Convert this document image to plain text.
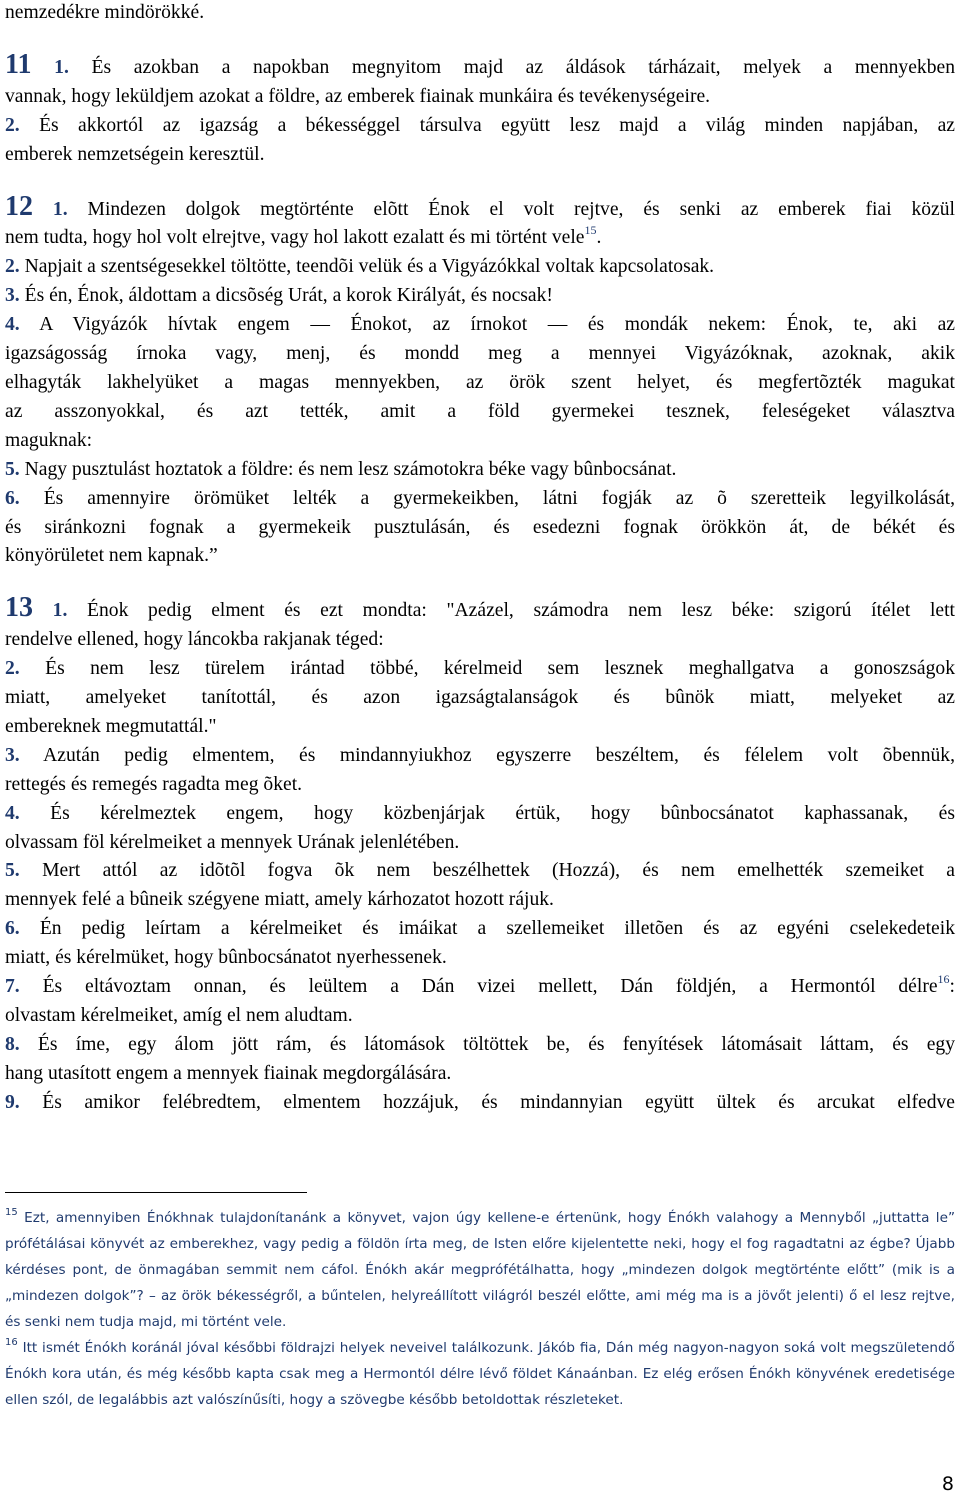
nemzedékre mindörökké.
11 1. És azokban a napokban megnyitom majd az áldások tárházait, melyek a mennyekben
vannak, hogy leküldjem azokat a földre, az emberek fiainak munkáira és tevékenységeire.
2. És akkortól az igazság a békességgel társulva együtt lesz majd a világ minden napjában, az
emberek nemzetségein keresztül.
12 1. Mindezen dolgok megtörténte elõtt Énok el volt rejtve, és senki az emberek fiai közül
nem tudta, hogy hol volt elrejtve, vagy hol lakott ezalatt és mi történt vele$^{15}$.
2. Napjait a szentségesekkel töltötte, teendõi velük és a Vigyázókkal voltak kapcsolatosak.
3. És én, Énok, áldottam a dicsõség Urát, a korok Királyát, és nocsak!
4. A Vigyázók hívtak engem — Énokot, az írnokot — és mondák nekem: Énok, te, aki az
igazságosság írnoka vagy, menj, és mondd meg a mennyei Vigyázóknak, azoknak, akik
elhagyták lakhelyüket a magas mennyekben, az örök szent helyet, és megfertõzték magukat
az asszonyokkal, és azt tették, amit a föld gyermekei tesznek, feleségeket választva
maguknak:
5. Nagy pusztulást hoztatok a földre: és nem lesz számotokra béke vagy bûnbocsánat.
6. És amennyire örömüket lelték a gyermekeikben, látni fogják az õ szeretteik legyilkolását,
és siránkozni fognak a gyermekeik pusztulásán, és esedezni fognak örökkön át, de békét és
könyörületet nem kapnak.”
13 1. Énok pedig elment és ezt mondta: "Azázel, számodra nem lesz béke: szigorú ítélet lett
rendelve ellened, hogy láncokba rakjanak téged:
2. És nem lesz türelem irántad többé, kérelmeid sem lesznek meghallgatva a gonoszságok
miatt, amelyeket tanítottál, és azon igazságtalanságok és bûnök miatt, melyeket az
embereknek megmutattál."
3. Azután pedig elmentem, és mindannyiukhoz egyszerre beszéltem, és félelem volt õbennük,
rettegés és remegés ragadta meg õket.
4. És kérelmeztek engem, hogy közbenjárjak értük, hogy bûnbocsánatot kaphassanak, és
olvassam föl kérelmeiket a mennyek Urának jelenlétében.
5. Mert attól az idõtõl fogva õk nem beszélhettek (Hozzá), és nem emelhették szemeiket a
mennyek felé a bûneik szégyene miatt, amely kárhozatot hozott rájuk.
6. Én pedig leírtam a kérelmeiket és imáikat a szellemeiket illetõen és az egyéni cselekedeteik
miatt, és kérelmüket, hogy bûnbocsánatot nyerhessenek.
7. És eltávoztam onnan, és leültem a Dán vizei mellett, Dán földjén, a Hermontól délre$^{16}$:
olvastam kérelmeiket, amíg el nem aludtam.
8. És íme, egy álom jött rám, és látomások töltöttek be, és fenyítések látomásait láttam, és egy
hang utasított engem a mennyek fiainak megdorgálására.
9. És amikor felébredtem, elmentem hozzájuk, és mindannyian együtt ültek és arcukat elfedve
$^{15}$ Ezt, amennyiben Énókhnak tulajdonítanánk a könyvet, vajon úgy kellene-e értenünk, hogy Énókh valahogy a Mennyből „juttatta le” prófétálásai könyvét az emberekhez, vagy pedig a földön írta meg, de Isten előre kijelentette neki, hogy el fog ragadtatni az égbe? Újabb kérdéses pont, de önmagában semmit nem cáfol. Énókh akár megprófétálhatta, hogy „mindezen dolgok megtörténte előtt” (mik is a „mindezen dolgok”? – az örök békességről, a bűntelen, helyreállított világról beszél előtte, ami még ma is a jövőt jelenti) ő el lesz rejtve, és senki nem tudja majd, mi történt vele.
$^{16}$ Itt ismét Énókh koránál jóval későbbi földrajzi helyek neveivel találkozunk. Jákób fia, Dán még nagyon-nagyon soká volt megszületendő Énókh kora után, és még később kapta csak meg a Hermontól délre lévő földet Kánaánban. Ez elég erősen Énókh könyvének eredetisége ellen szól, de legalábbis azt valószínűsíti, hogy a szövegbe később betoldottak részleteket.
8
